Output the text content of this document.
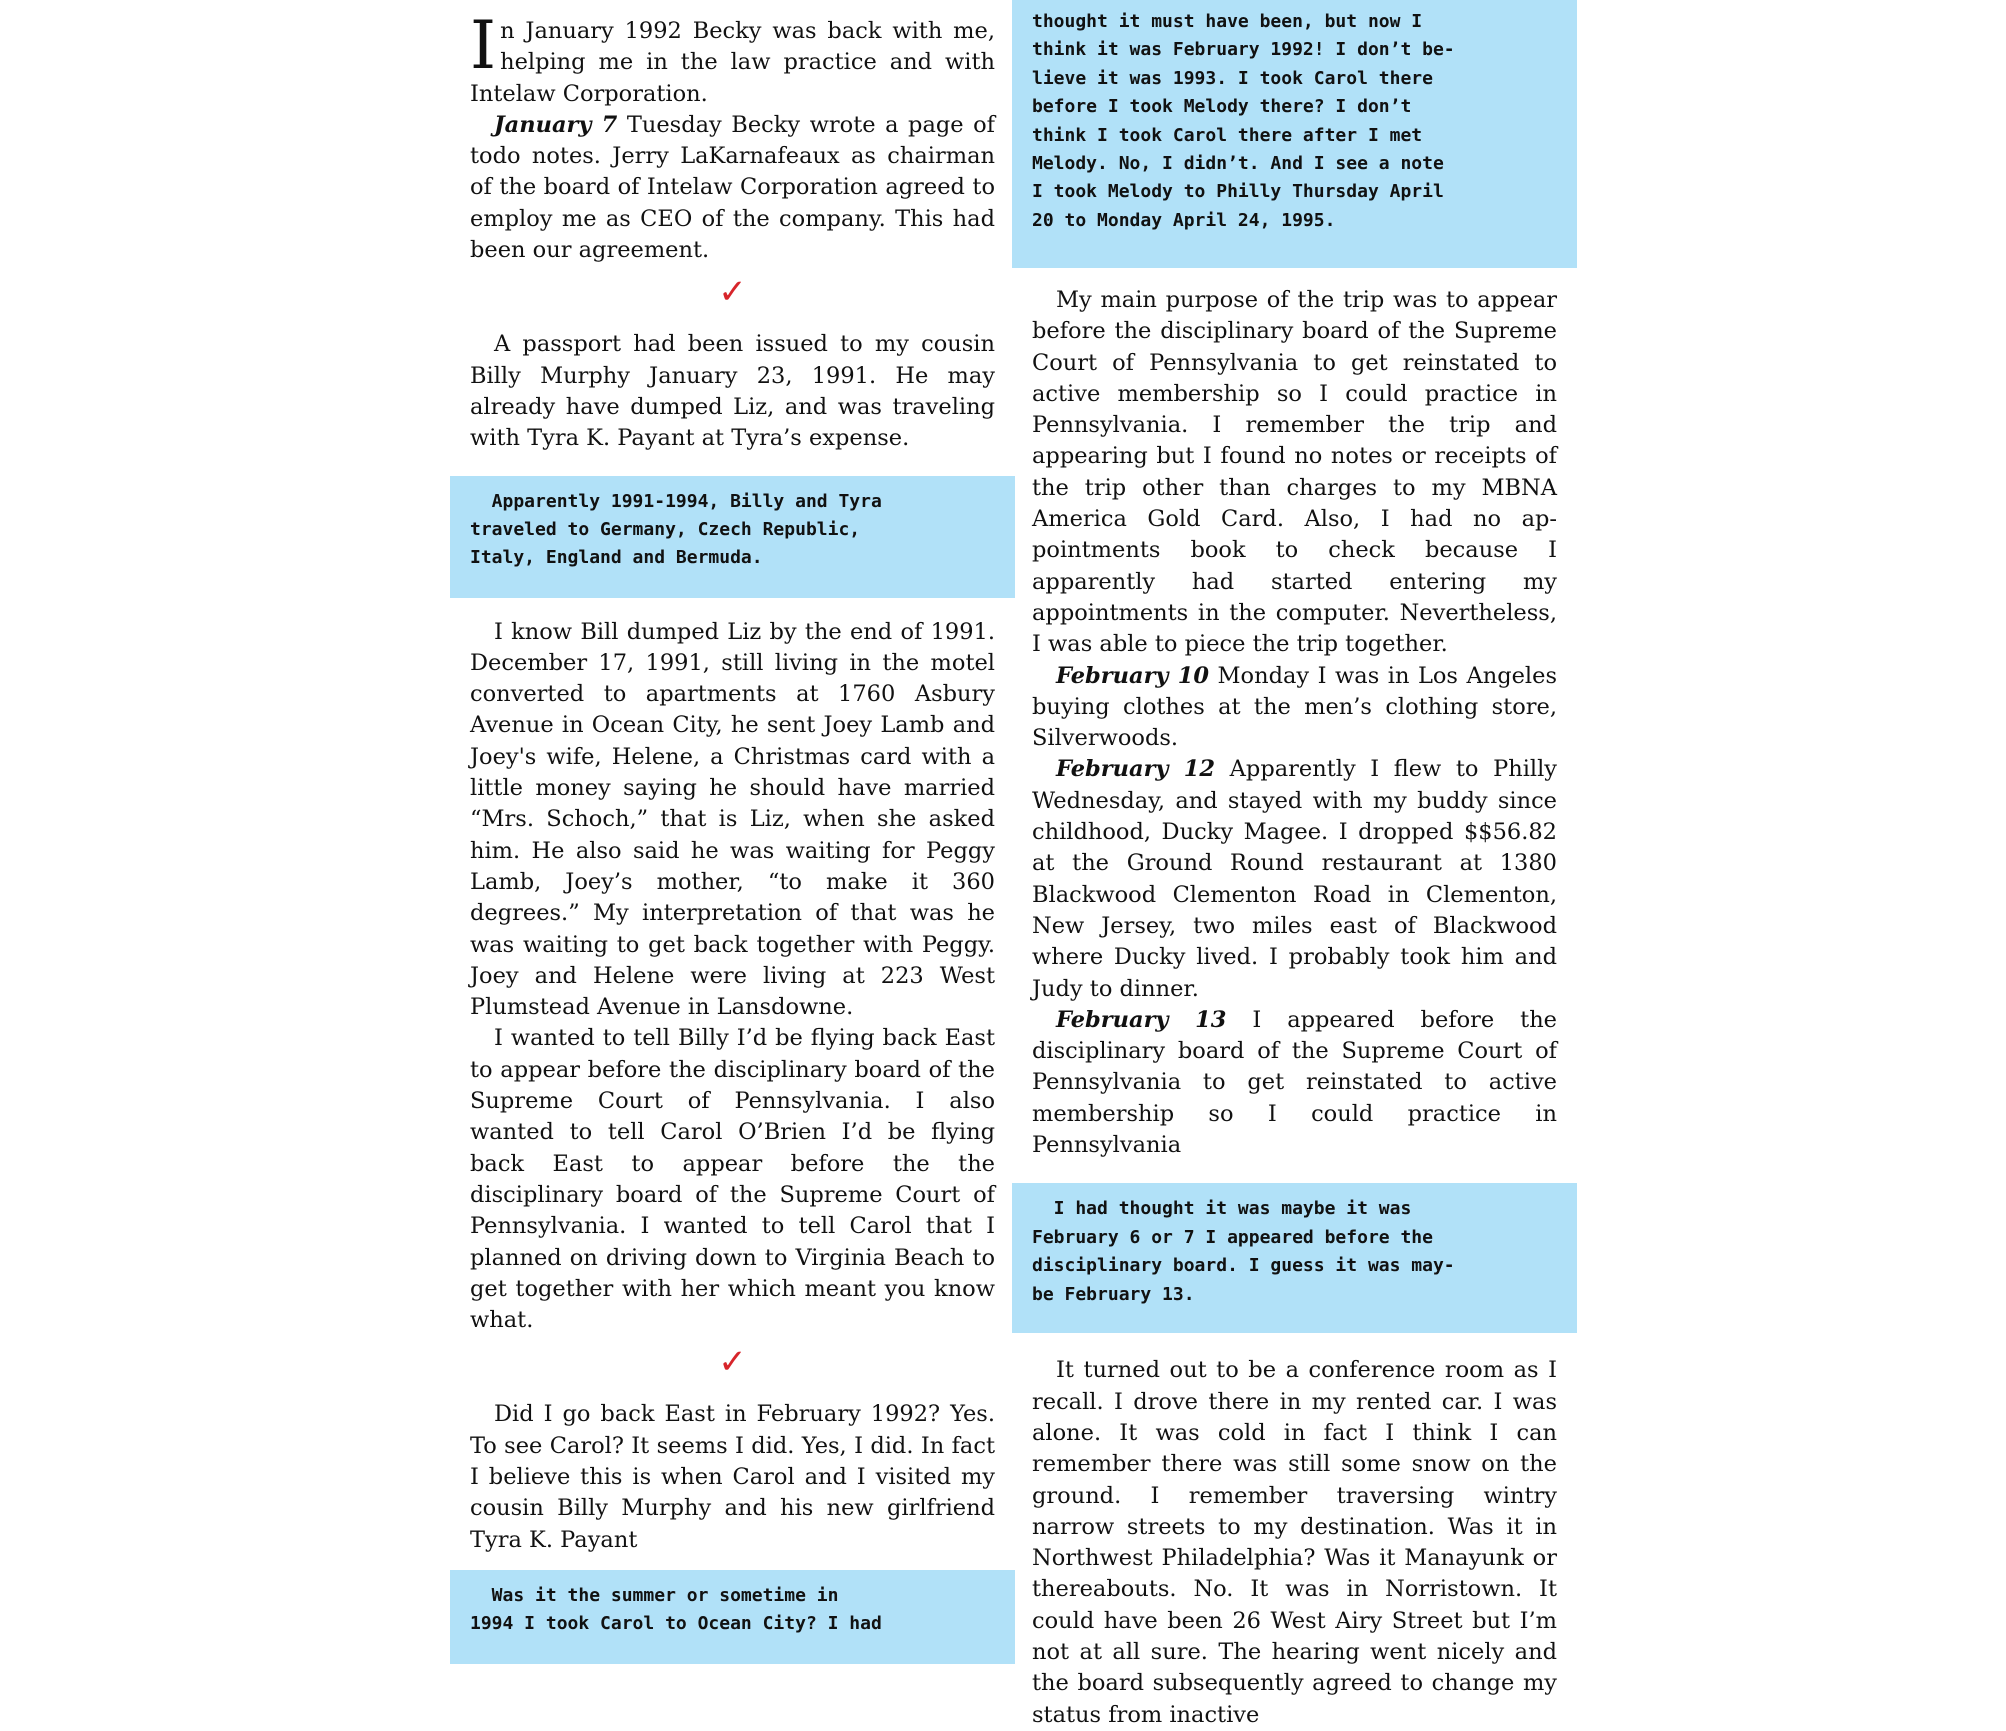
In January 1992 Becky was back with me, helping me in the law practice and with Intelaw Corporation.

January 7 Tuesday Becky wrote a page of todo notes. Jerry LaKarnafeaux as chairman of the board of Intelaw Corporation agreed to employ me as CEO of the company. This had been our agreement.

✓

A passport had been issued to my cousin Billy Murphy January 23, 1991. He may already have dumped Liz, and was traveling with Tyra K. Payant at Tyra’s expense.

Apparently 1991-1994, Billy and Tyra
traveled to Germany, Czech Republic,
Italy, England and Bermuda.

I know Bill dumped Liz by the end of 1991. December 17, 1991, still living in the motel converted to apartments at 1760 Asbury Avenue in Ocean City, he sent Joey Lamb and Joey's wife, Helene, a Christmas card with a little money saying he should have married “Mrs. Schoch,” that is Liz, when she asked him. He also said he was waiting for Peggy Lamb, Joey’s mother, “to make it 360 degrees.” My interpretation of that was he was waiting to get back together with Peggy. Joey and Helene were living at 223 West Plumstead Avenue in Lansdowne.

I wanted to tell Billy I’d be flying back East to appear before the disciplinary board of the Supreme Court of Pennsylvania. I also wanted to tell Carol O’Brien I’d be flying back East to appear before the the disciplinary board of the Supreme Court of Pennsylvania. I wanted to tell Carol that I planned on driving down to Virginia Beach to get together with her which meant you know what.

✓

Did I go back East in February 1992? Yes. To see Carol? It seems I did. Yes, I did. In fact I believe this is when Carol and I visited my cousin Billy Murphy and his new girlfriend Tyra K. Payant

Was it the summer or sometime in
1994 I took Carol to Ocean City? I had
thought it must have been, but now I
think it was February 1992! I don’t be-
lieve it was 1993. I took Carol there
before I took Melody there? I don’t
think I took Carol there after I met
Melody. No, I didn’t. And I see a note
I took Melody to Philly Thursday April
20 to Monday April 24, 1995.

My main purpose of the trip was to appear before the disciplinary board of the Supreme Court of Pennsylvania to get reinstated to active membership so I could practice in Pennsylvania. I remember the trip and appearing but I found no notes or receipts of the trip other than charges to my MBNA America Gold Card. Also, I had no appointments book to check because I apparently had started entering my appointments in the computer. Nevertheless, I was able to piece the trip together.

February 10 Monday I was in Los Angeles buying clothes at the men’s clothing store, Silverwoods.

February 12 Apparently I flew to Philly Wednesday, and stayed with my buddy since childhood, Ducky Magee. I dropped $$56.82 at the Ground Round restaurant at 1380 Blackwood Clementon Road in Clementon, New Jersey, two miles east of Blackwood where Ducky lived. I probably took him and Judy to dinner.

February 13 I appeared before the disciplinary board of the Supreme Court of Pennsylvania to get reinstated to active membership so I could practice in Pennsylvania

I had thought it was maybe it was
February 6 or 7 I appeared before the
disciplinary board. I guess it was may-
be February 13.

It turned out to be a conference room as I recall. I drove there in my rented car. I was alone. It was cold in fact I think I can remember there was still some snow on the ground. I remember traversing wintry narrow streets to my destination. Was it in Northwest Philadelphia? Was it Manayunk or thereabouts. No. It was in Norristown. It could have been 26 West Airy Street but I’m not at all sure. The hearing went nicely and the board subsequently agreed to change my status from inactive
